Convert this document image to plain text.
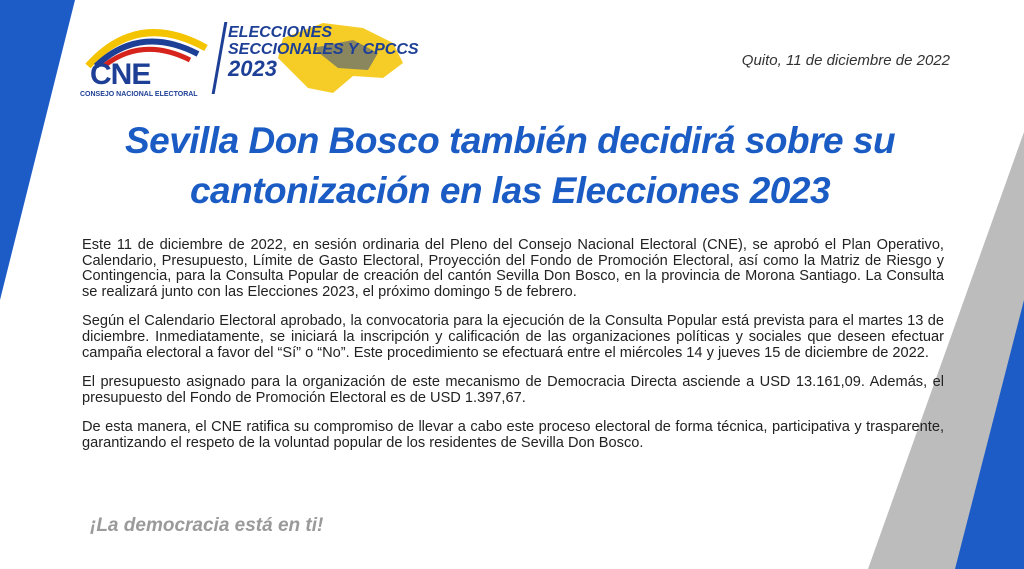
CNE
CONSEJO NACIONAL ELECTORAL
ELECCIONES
SECCIONALES Y CPCCS
2023	Quito, 11 de diciembre de 2022
Sevilla Don Bosco también decidirá sobre su
cantonización en las Elecciones 2023

Este 11 de diciembre de 2022, en sesión ordinaria del Pleno del Consejo Nacional Electoral (CNE), se aprobó el Plan Operativo, Calendario, Presupuesto, Límite de Gasto Electoral, Proyección del Fondo de Promoción Electoral, así como la Matriz de Riesgo y Contingencia, para la Consulta Popular de creación del cantón Sevilla Don Bosco, en la provincia de Morona Santiago. La Consulta se realizará junto con las Elecciones 2023, el próximo domingo 5 de febrero.

Según el Calendario Electoral aprobado, la convocatoria para la ejecución de la Consulta Popular está prevista para el martes 13 de diciembre. Inmediatamente, se iniciará la inscripción y calificación de las organizaciones políticas y sociales que deseen efectuar campaña electoral a favor del “Sí” o “No”. Este procedimiento se efectuará entre el miércoles 14 y jueves 15 de diciembre de 2022.

El presupuesto asignado para la organización de este mecanismo de Democracia Directa asciende a USD 13.161,09. Además, el presupuesto del Fondo de Promoción Electoral es de USD 1.397,67.

De esta manera, el CNE ratifica su compromiso de llevar a cabo este proceso electoral de forma técnica, participativa y trasparente, garantizando el respeto de la voluntad popular de los residentes de Sevilla Don Bosco.

¡La democracia está en ti!
